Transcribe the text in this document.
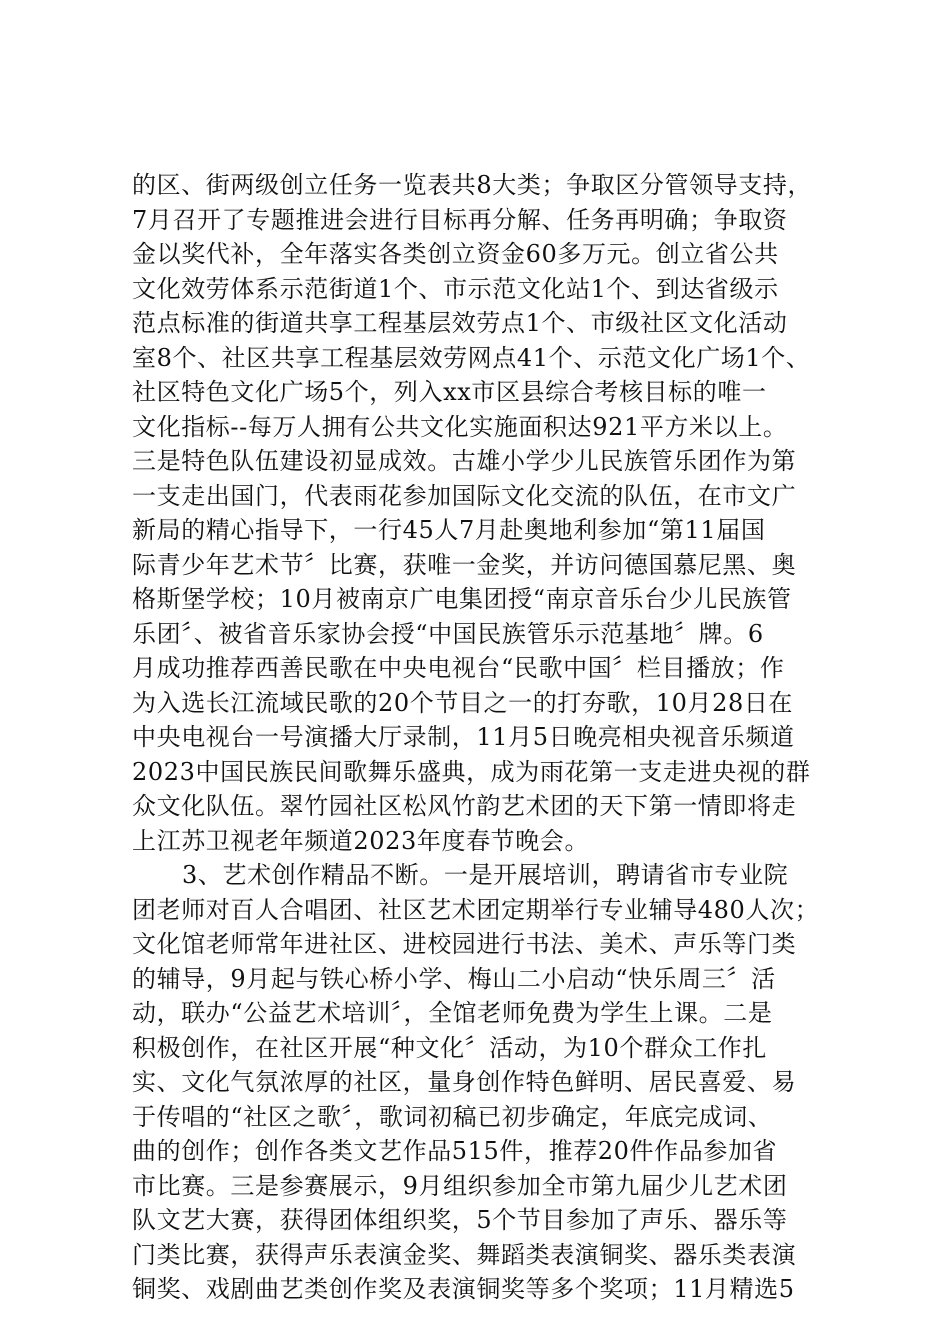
的区、街两级创立任务一览表共8大类；争取区分管领导支持，
7月召开了专题推进会进行目标再分解、任务再明确；争取资
金以奖代补，全年落实各类创立资金60多万元。创立省公共
文化效劳体系示范街道1个、市示范文化站1个、到达省级示
范点标准的街道共享工程基层效劳点1个、市级社区文化活动
室8个、社区共享工程基层效劳网点41个、示范文化广场1个、
社区特色文化广场5个，列入xx市区县综合考核目标的唯一
文化指标--每万人拥有公共文化实施面积达921平方米以上。
三是特色队伍建设初显成效。古雄小学少儿民族管乐团作为第
一支走出国门，代表雨花参加国际文化交流的队伍，在市文广
新局的精心指导下，一行45人7月赴奥地利参加“第11届国
际青少年艺术节〞比赛，获唯一金奖，并访问德国慕尼黑、奥
格斯堡学校；10月被南京广电集团授“南京音乐台少儿民族管
乐团〞、被省音乐家协会授“中国民族管乐示范基地〞牌。6
月成功推荐西善民歌在中央电视台“民歌中国〞栏目播放；作
为入选长江流域民歌的20个节目之一的打夯歌，10月28日在
中央电视台一号演播大厅录制，11月5日晚亮相央视音乐频道
2023中国民族民间歌舞乐盛典，成为雨花第一支走进央视的群
众文化队伍。翠竹园社区松风竹韵艺术团的天下第一情即将走
上江苏卫视老年频道2023年度春节晚会。
3、艺术创作精品不断。一是开展培训，聘请省市专业院
团老师对百人合唱团、社区艺术团定期举行专业辅导480人次；
文化馆老师常年进社区、进校园进行书法、美术、声乐等门类
的辅导，9月起与铁心桥小学、梅山二小启动“快乐周三〞活
动，联办“公益艺术培训〞，全馆老师免费为学生上课。二是
积极创作，在社区开展“种文化〞活动，为10个群众工作扎
实、文化气氛浓厚的社区，量身创作特色鲜明、居民喜爱、易
于传唱的“社区之歌〞，歌词初稿已初步确定，年底完成词、
曲的创作；创作各类文艺作品515件，推荐20件作品参加省
市比赛。三是参赛展示，9月组织参加全市第九届少儿艺术团
队文艺大赛，获得团体组织奖，5个节目参加了声乐、器乐等
门类比赛，获得声乐表演金奖、舞蹈类表演铜奖、器乐类表演
铜奖、戏剧曲艺类创作奖及表演铜奖等多个奖项；11月精选5
